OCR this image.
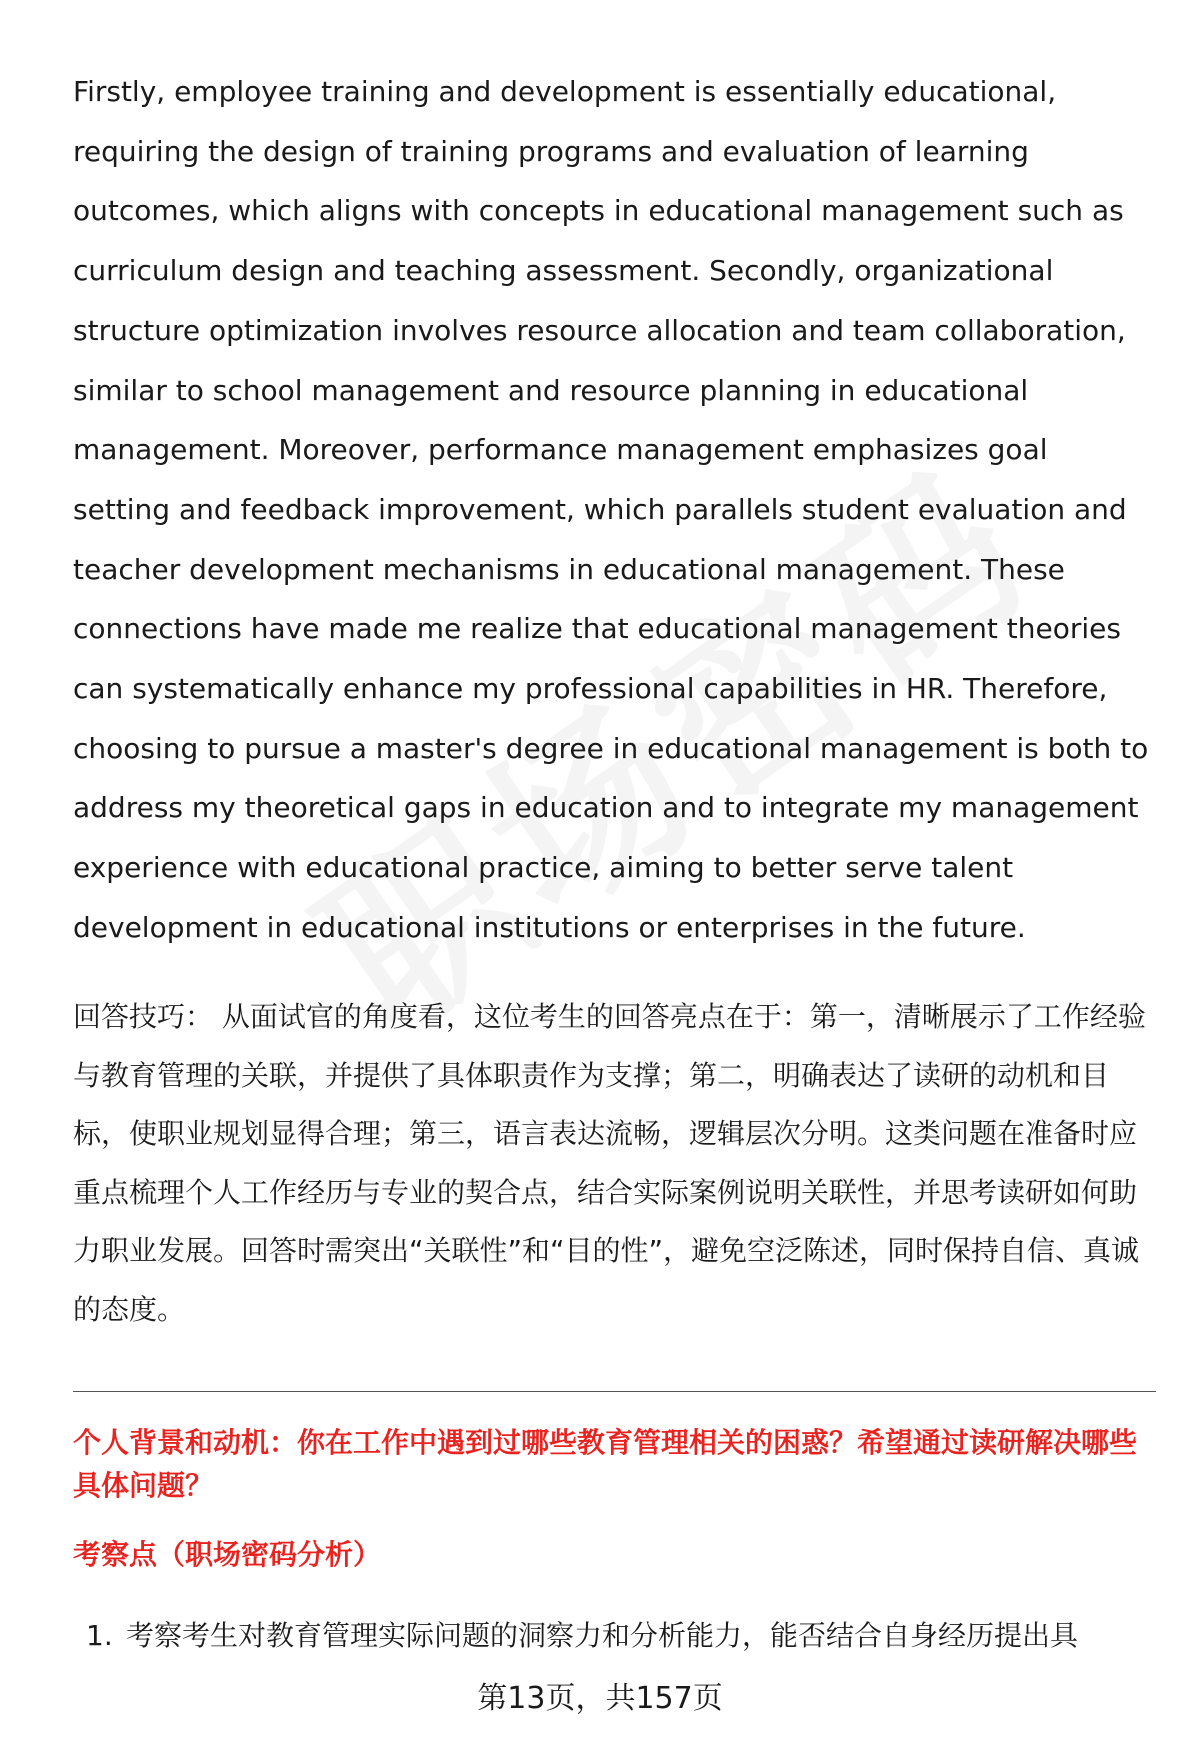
Firstly, employee training and development is essentially educational, requiring the design of training programs and evaluation of learning outcomes, which aligns with concepts in educational management such as curriculum design and teaching assessment. Secondly, organizational structure optimization involves resource allocation and team collaboration, similar to school management and resource planning in educational management. Moreover, performance management emphasizes goal setting and feedback improvement, which parallels student evaluation and teacher development mechanisms in educational management. These connections have made me realize that educational management theories can systematically enhance my professional capabilities in HR. Therefore, choosing to pursue a master's degree in educational management is both to address my theoretical gaps in education and to integrate my management experience with educational practice, aiming to better serve talent development in educational institutions or enterprises in the future.

回答技巧： 从面试官的角度看，这位考生的回答亮点在于：第一，清晰展示了工作经验与教育管理的关联，并提供了具体职责作为支撑；第二，明确表达了读研的动机和目标，使职业规划显得合理；第三，语言表达流畅，逻辑层次分明。这类问题在准备时应重点梳理个人工作经历与专业的契合点，结合实际案例说明关联性，并思考读研如何助力职业发展。回答时需突出“关联性”和“目的性”，避免空泛陈述，同时保持自信、真诚的态度。

个人背景和动机：你在工作中遇到过哪些教育管理相关的困惑？希望通过读研解决哪些具体问题？
考察点（职场密码分析）
1. 考察考生对教育管理实际问题的洞察力和分析能力，能否结合自身经历提出具
第13页，共157页
